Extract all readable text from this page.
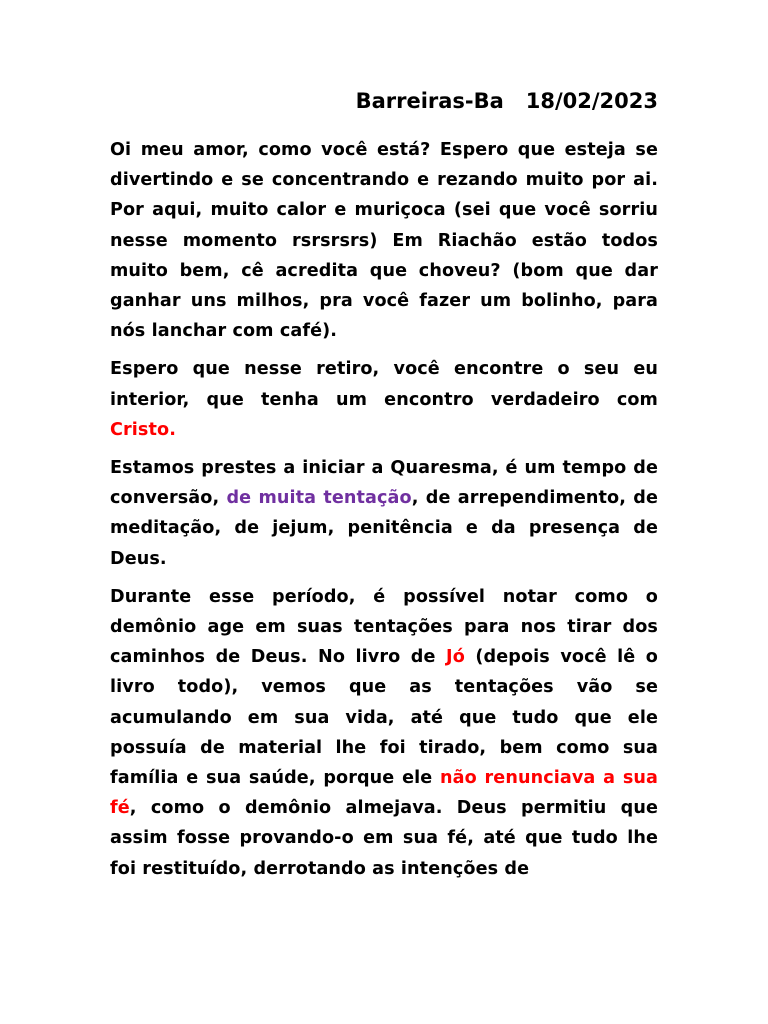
Barreiras-Ba   18/02/2023

Oi meu amor, como você está? Espero que esteja se divertindo e se concentrando e rezando muito por ai. Por aqui, muito calor e muriçoca (sei que você sorriu nesse momento rsrsrsrs) Em Riachão estão todos muito bem, cê acredita que choveu? (bom que dar ganhar uns milhos, pra você fazer um bolinho, para nós lanchar com café).

Espero que nesse retiro, você encontre o seu eu interior, que tenha um encontro verdadeiro com Cristo.

Estamos prestes a iniciar a Quaresma, é um tempo de conversão, de muita tentação, de arrependimento, de meditação, de jejum, penitência e da presença de Deus.

Durante esse período, é possível notar como o demônio age em suas tentações para nos tirar dos caminhos de Deus. No livro de Jó (depois você lê o livro todo), vemos que as tentações vão se acumulando em sua vida, até que tudo que ele possuía de material lhe foi tirado, bem como sua família e sua saúde, porque ele não renunciava a sua fé, como o demônio almejava. Deus permitiu que assim fosse provando-o em sua fé, até que tudo lhe foi restituído, derrotando as intenções de
